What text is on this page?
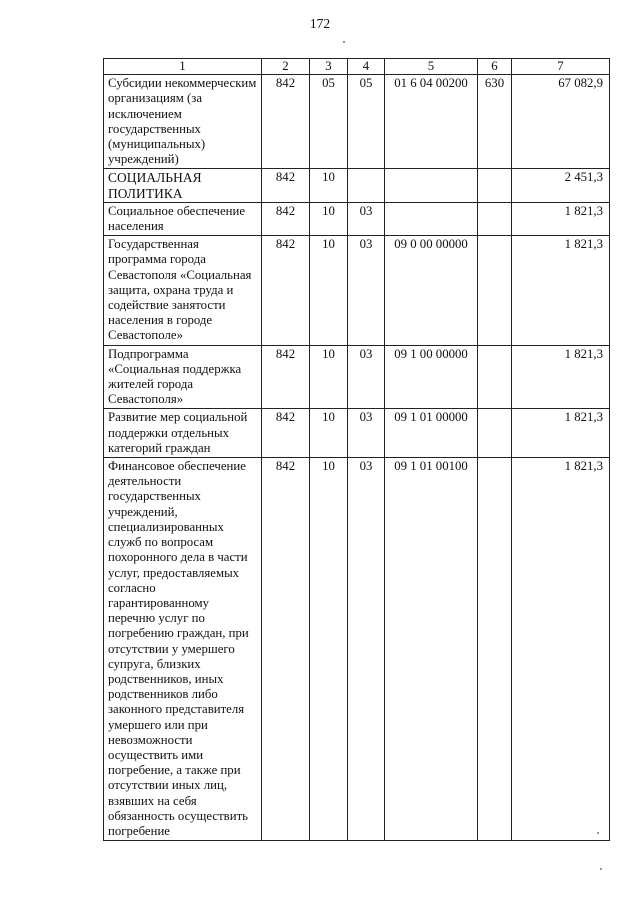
172
1	2	3	4	5	6	7
Субсидии некоммерческим организациям (за исключением государственных (муниципальных) учреждений)	842	05	05	01 6 04 00200	630	67 082,9
СОЦИАЛЬНАЯ ПОЛИТИКА	842	10				2 451,3
Социальное обеспечение населения	842	10	03			1 821,3
Государственная программа города Севастополя «Социальная защита, охрана труда и содействие занятости населения в городе Севастополе»	842	10	03	09 0 00 00000		1 821,3
Подпрограмма «Социальная поддержка жителей города Севастополя»	842	10	03	09 1 00 00000		1 821,3
Развитие мер социальной поддержки отдельных категорий граждан	842	10	03	09 1 01 00000		1 821,3
Финансовое обеспечение деятельности государственных учреждений, специализированных служб по вопросам похоронного дела в части услуг, предоставляемых согласно гарантированному перечню услуг по погребению граждан, при отсутствии у умершего супруга, близких родственников, иных родственников либо законного представителя умершего или при невозможности осуществить ими погребение, а также при отсутствии иных лиц, взявших на себя обязанность осуществить погребение	842	10	03	09 1 01 00100		1 821,3
